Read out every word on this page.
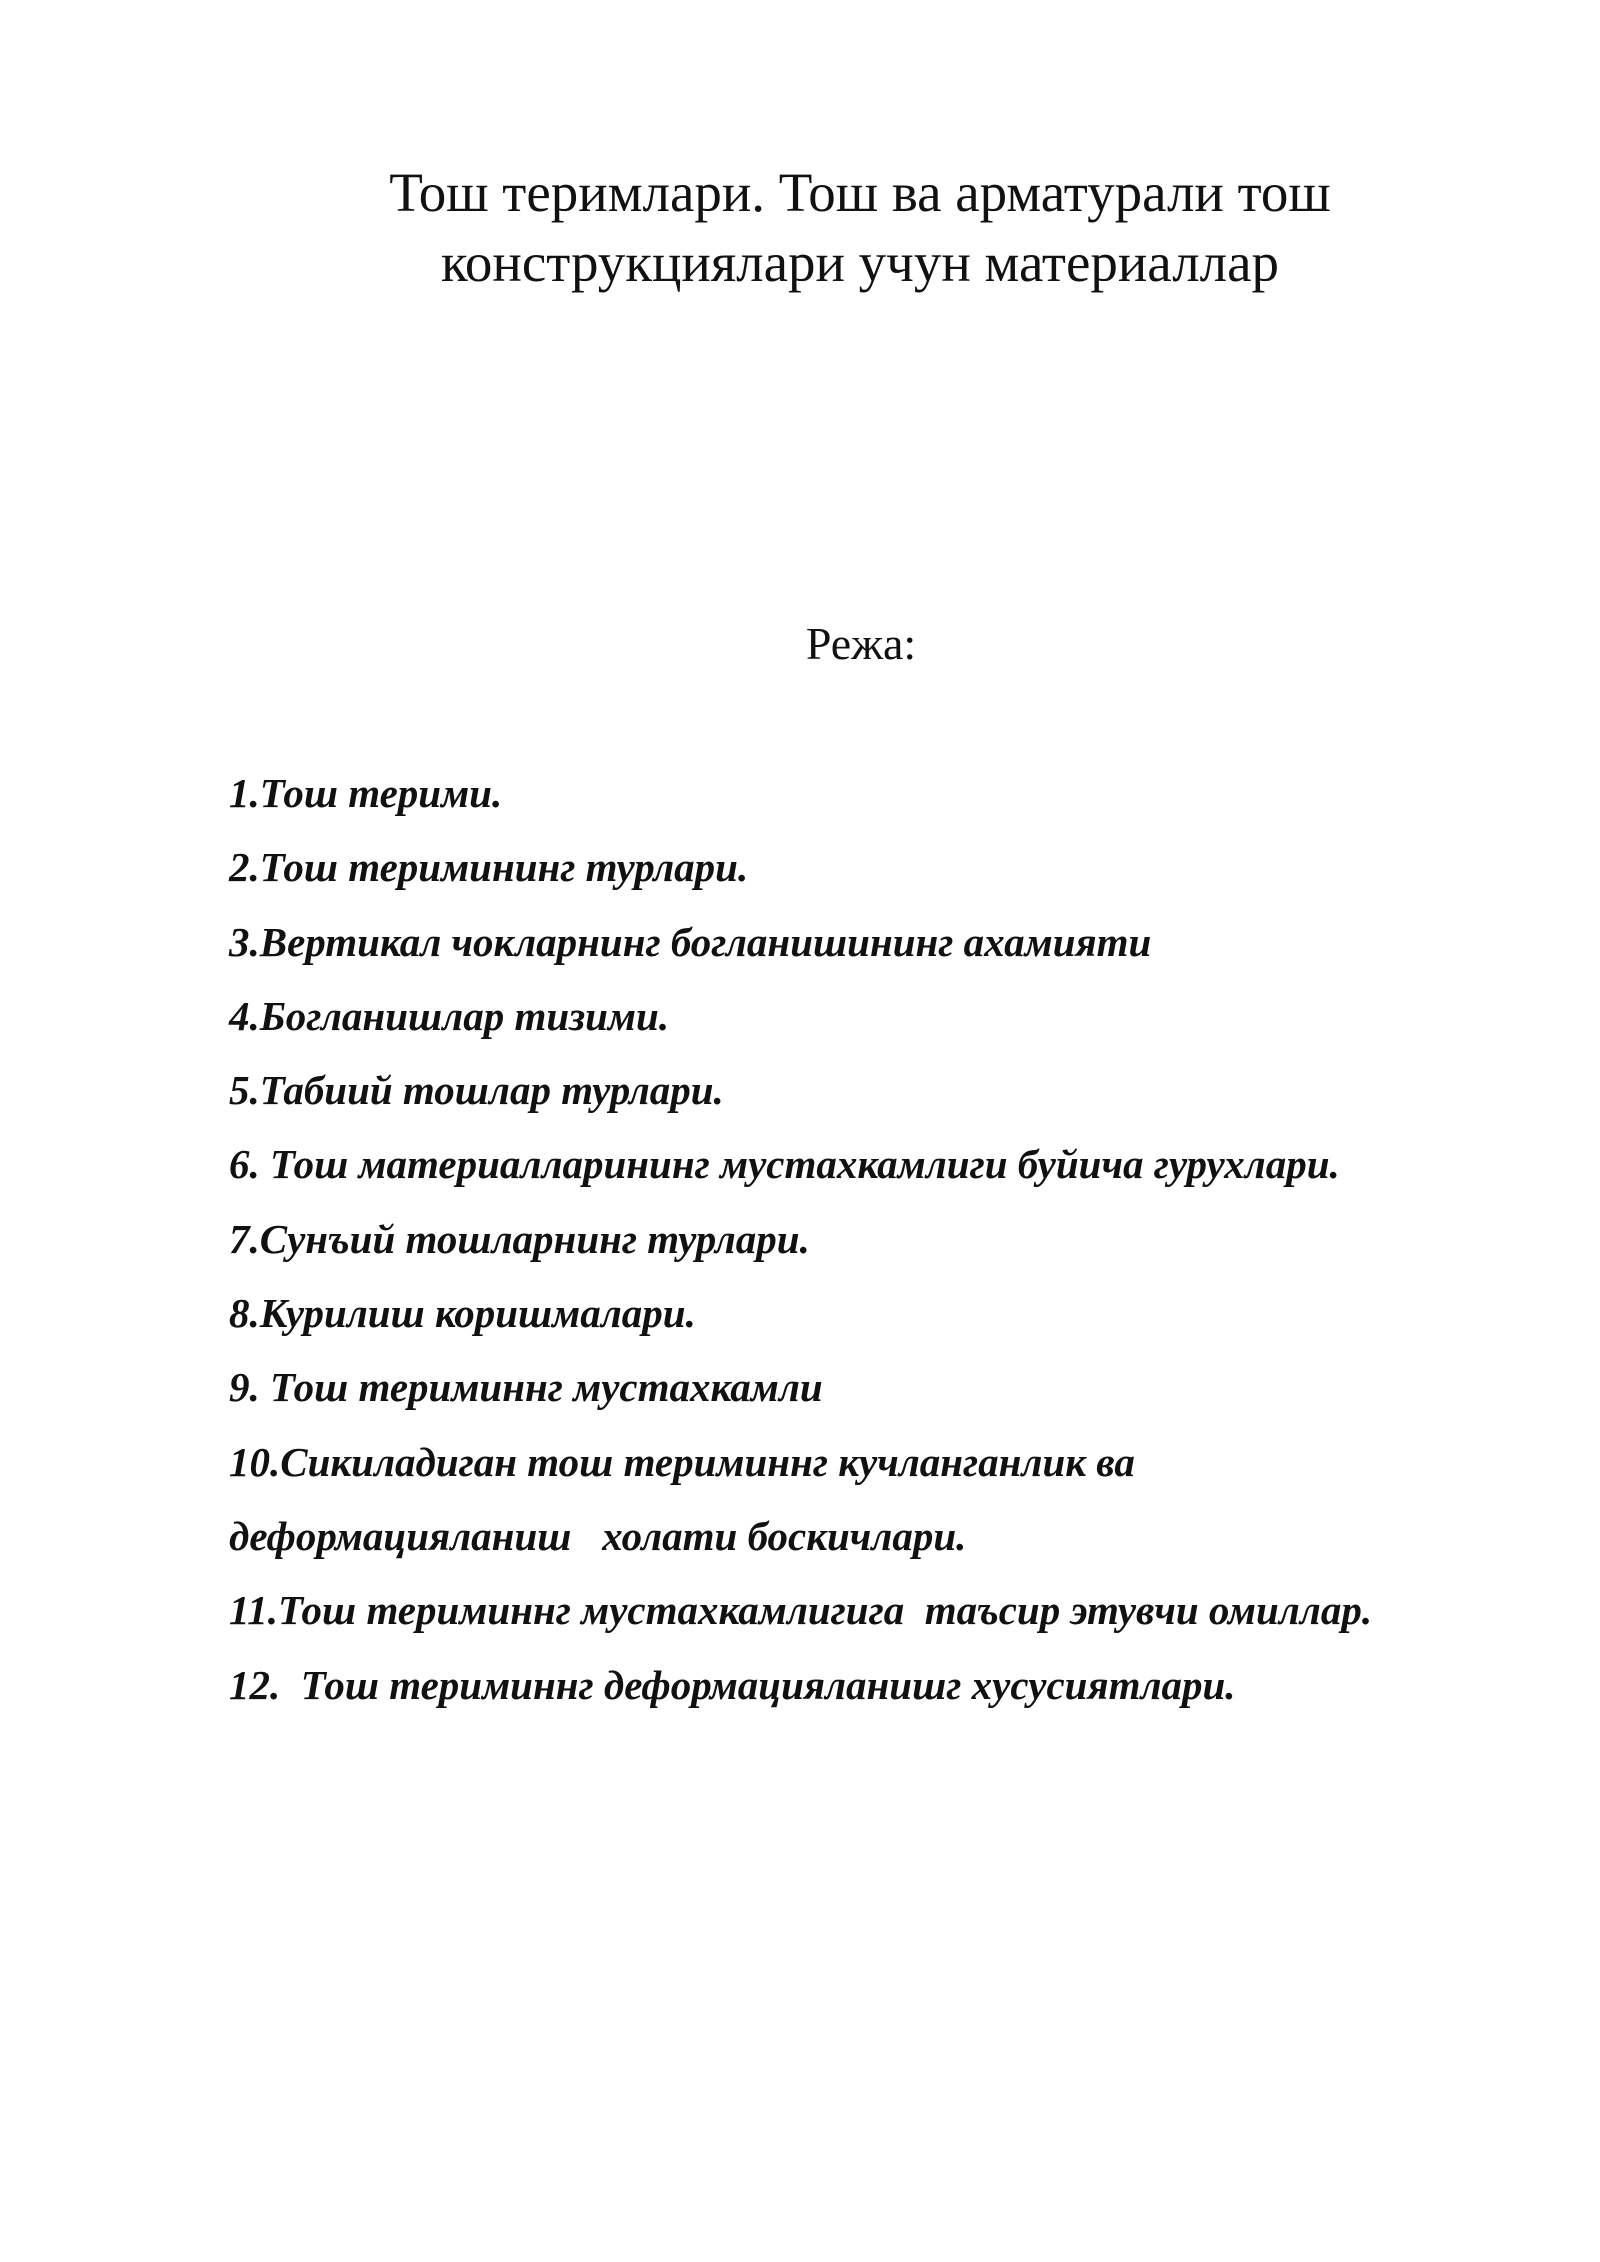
Тош теримлари. Тош ва арматурали тош
конструкциялари учун материаллар
Режа:
1.Тош терими.
2.Тош теримининг турлари.
3.Вертикал чокларнинг богланишининг ахамияти
4.Богланишлар тизими.
5.Табиий тошлар турлари.
6. Тош материалларининг мустахкамлиги буйича гурухлари.
7.Сунъий тошларнинг турлари.
8.Курилиш коришмалари.
9. Тош териминнг мустахкамли
10.Сикиладиган тош териминнг кучланганлик ва
деформацияланиш   холати боскичлари.
11.Тош териминнг мустахкамлигига  таъсир этувчи омиллар.
12.  Тош териминнг деформацияланишг хусусиятлари.
